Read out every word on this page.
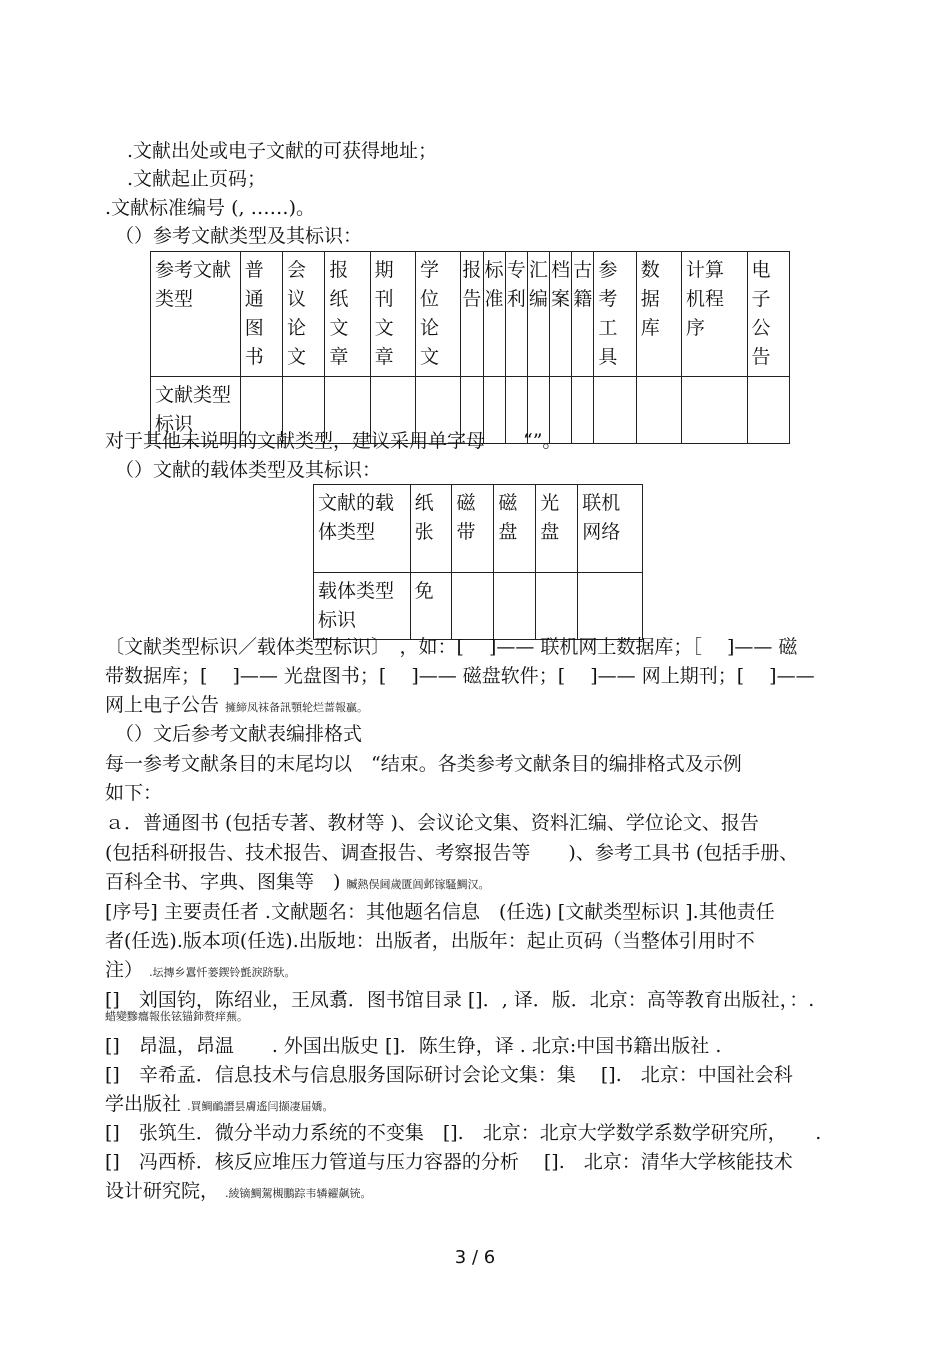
.文献出处或电子文献的可获得地址；
.文献起止页码；
.文献标准编号 (, ……)。
（）参考文献类型及其标识：
参考文献类型	普通图书	会议论文	报纸文章	期刊文章	学位论文	报告	标准	专利	汇编	档案	古籍	参考工具	数据库	计算机程序	电子公告
文献类型标识															
对于其他未说明的文献类型，建议采用单字母　　“”。
（）文献的载体类型及其标识：
文献的载体类型	纸张	磁带	磁盘	光盘	联机网络
载体类型标识	免				
〔文献类型标识／载体类型标识〕　，如：[　 ]—— 联机网上数据库；［　 ]—— 磁
带数据库；[　 ]—— 光盘图书；[　 ]—— 磁盘软件；[　 ]—— 网上期刊；[　 ]——
网上电子公告 擁締凤袜备訊顎轮烂蔷報贏。
（）文后参考文献表编排格式
每一参考文献条目的末尾均以　“结束。各类参考文献条目的编排格式及示例
如下：
ａ．普通图书 (包括专著、教材等 )、会议论文集、资料汇编、学位论文、报告
(包括科研报告、技术报告、调查报告、考察报告等　　)、参考工具书 (包括手册、
百科全书、字典、图集等　) 贓熱俣阃歲匱阊邺镓騷鯛汉。
[序号] 主要责任者 .文献题名：其他题名信息　(任选) [文献类型标识 ].其他责任
者(任选).版本项(任选).出版地：出版者，出版年：起止页码（当整体引用时不
注） .坛摶乡囂忏蒌鍥铃氈淚跻馱。
[]　刘国钧，陈绍业，王凤翥．图书馆目录 []．, 译．版．北京：高等教育出版社，：.
蜡變黲癟報伥铉锚鈰赘痒蕪。
[]　昂温，昂温　　. 外国出版史 []．陈生铮，译 . 北京:中国书籍出版社 .
[]　辛希孟．信息技术与信息服务国际研讨会论文集：集　 [].　北京：中国社会科
学出版社 .買鲷鴯譖昙膚遙闫撷凄届嬌。
[]　张筑生．微分半动力系统的不变集　[].　北京：北京大学数学系数学研究所，　　.
[]　冯西桥．核反应堆压力管道与压力容器的分析　 [].　北京：清华大学核能技术
设计研究院， .綾镝鯛駕槻鵬踪韦辚糴飙铳。
3 / 6
